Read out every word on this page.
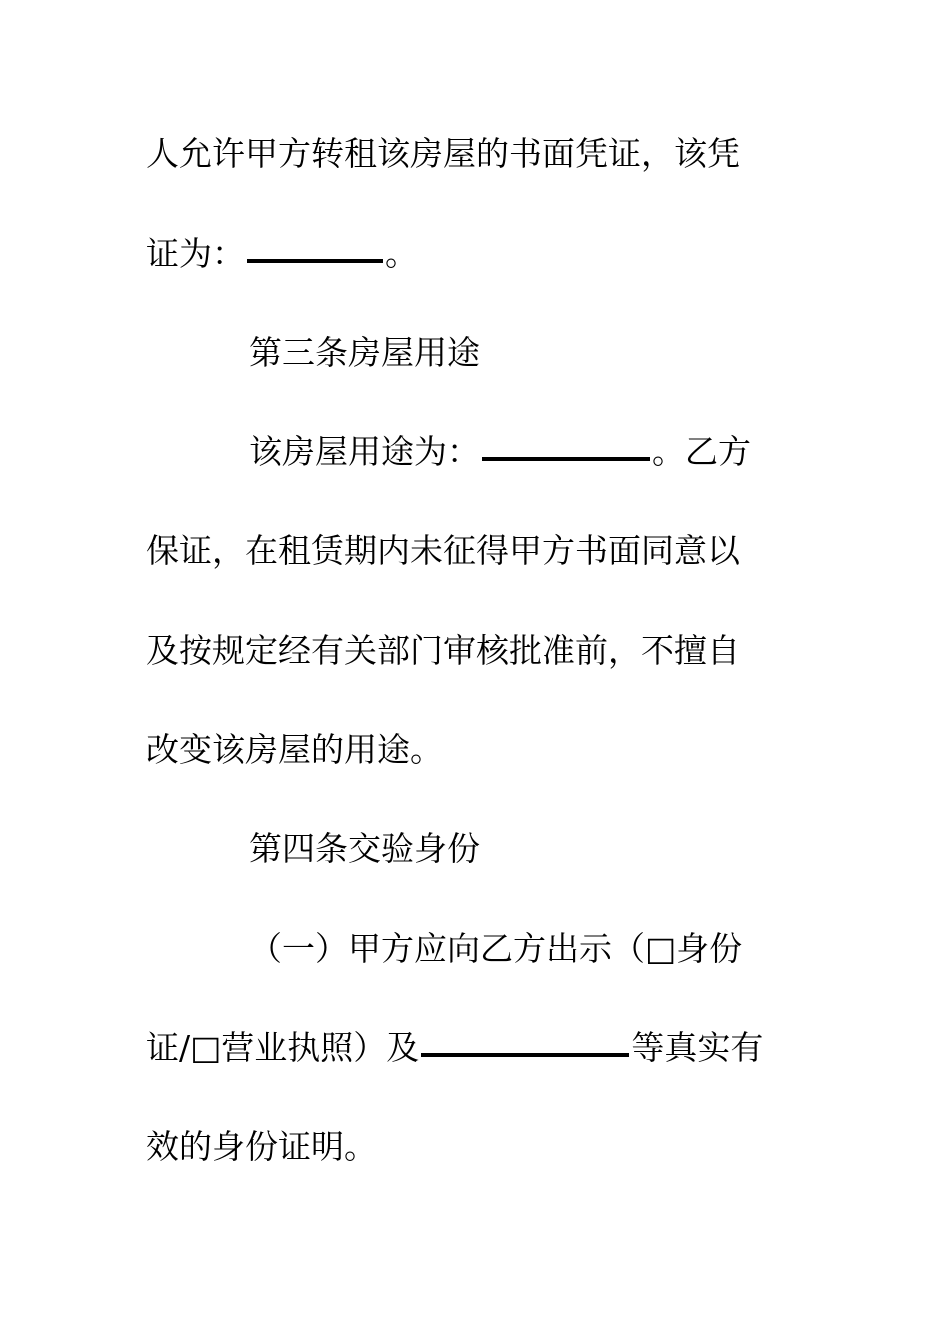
人允许甲方转租该房屋的书面凭证，该凭
证为：	。
第三条房屋用途
该房屋用途为：	。乙方
保证，在租赁期内未征得甲方书面同意以
及按规定经有关部门审核批准前，不擅自
改变该房屋的用途。
第四条交验身份
（一）甲方应向乙方出示（□身份
证/□营业执照）及	等真实有
效的身份证明。
